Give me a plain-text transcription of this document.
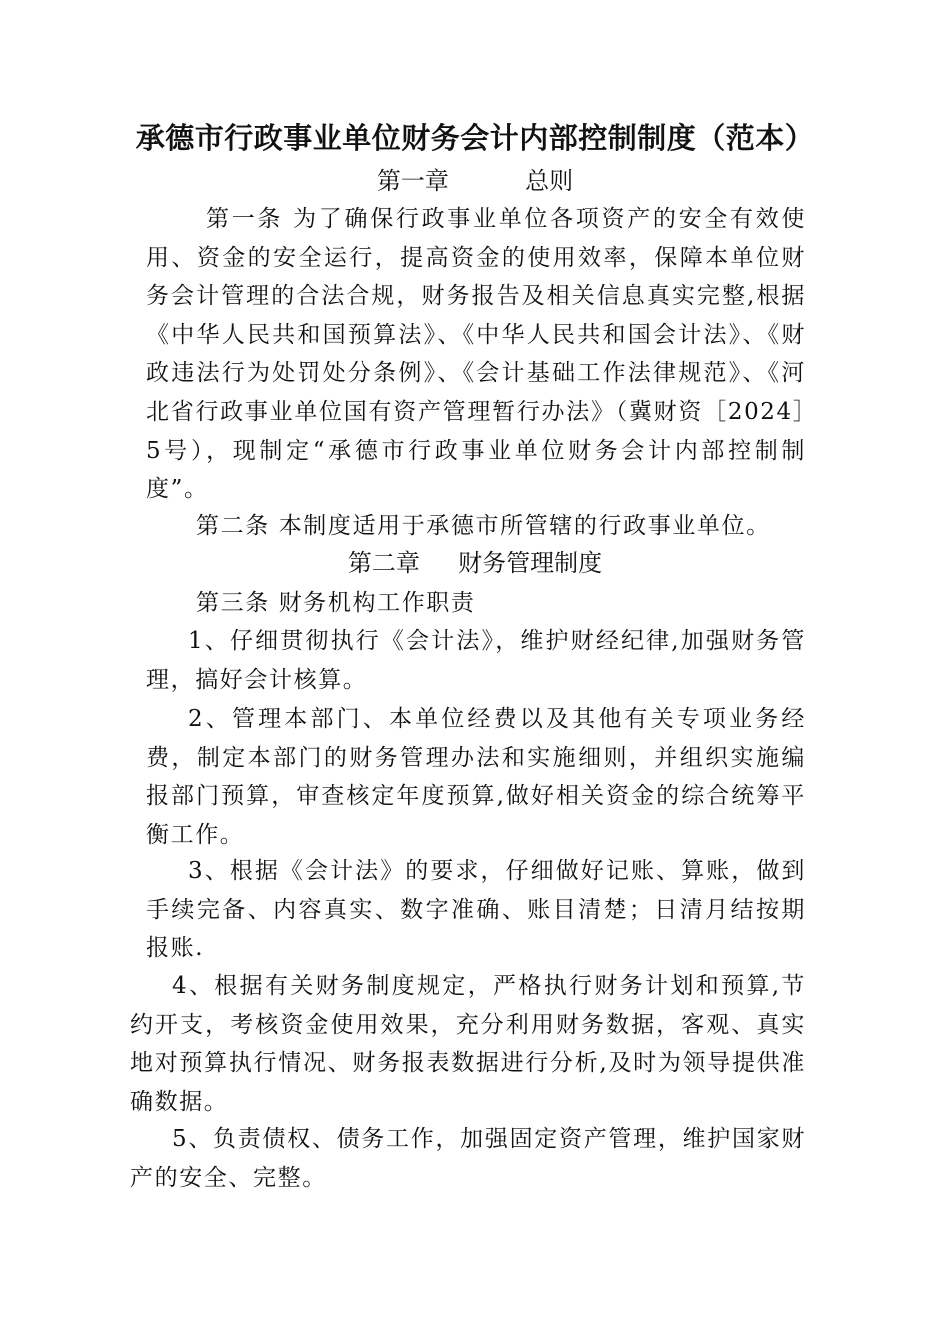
承德市行政事业单位财务会计内部控制制度（范本）
第一章          总则
第一条 为了确保行政事业单位各项资产的安全有效使用、资金的安全运行，提高资金的使用效率，保障本单位财务会计管理的合法合规，财务报告及相关信息真实完整,根据《中华人民共和国预算法》、《中华人民共和国会计法》、《财政违法行为处罚处分条例》、《会计基础工作法律规范》、《河北省行政事业单位国有资产管理暂行办法》（冀财资［2024］5号），现制定“承德市行政事业单位财务会计内部控制制度”。
第二条 本制度适用于承德市所管辖的行政事业单位。
第二章     财务管理制度
第三条 财务机构工作职责
1、仔细贯彻执行《会计法》，维护财经纪律,加强财务管理，搞好会计核算。
2、管理本部门、本单位经费以及其他有关专项业务经费，制定本部门的财务管理办法和实施细则，并组织实施编报部门预算，审查核定年度预算,做好相关资金的综合统筹平衡工作。
3、根据《会计法》的要求，仔细做好记账、算账，做到手续完备、内容真实、数字准确、账目清楚；日清月结按期报账.
4、根据有关财务制度规定，严格执行财务计划和预算,节约开支，考核资金使用效果，充分利用财务数据，客观、真实地对预算执行情况、财务报表数据进行分析,及时为领导提供准确数据。
5、负责债权、债务工作，加强固定资产管理，维护国家财产的安全、完整。
